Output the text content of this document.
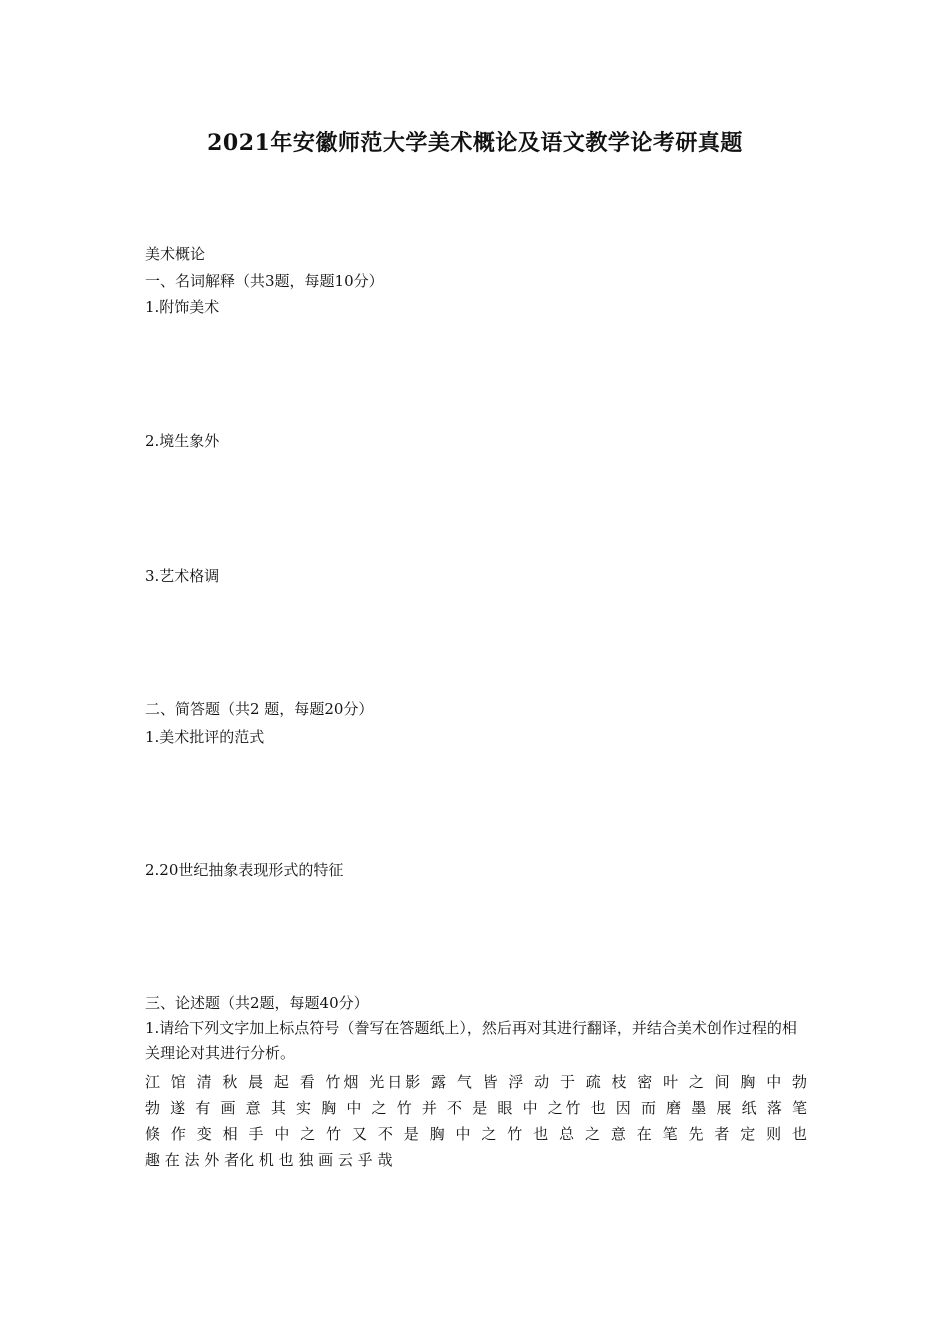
2021年安徽师范大学美术概论及语文教学论考研真题
美术概论
一、名词解释（共3题，每题10分）
1.附饰美术
2.境生象外
3.艺术格调
二、简答题（共2 题，每题20分）
1.美术批评的范式
2.20世纪抽象表现形式的特征
三、论述题（共2题，每题40分）
1.请给下列文字加上标点符号（誊写在答题纸上），然后再对其进行翻译，并结合美术创作过程的相关理论对其进行分析。
江 馆 清 秋 晨 起 看 竹烟 光日影 露 气 皆 浮 动 于 疏 枝 密 叶 之 间 胸 中 勃
勃 遂 有 画 意 其 实 胸 中 之 竹 并 不 是 眼 中 之竹 也 因 而 磨 墨 展 纸 落 笔
倏 作 变 相 手 中 之 竹 又 不 是 胸 中 之 竹 也 总 之 意 在 笔 先 者 定 则 也
趣 在 法 外 者化 机 也 独 画 云 乎 哉
